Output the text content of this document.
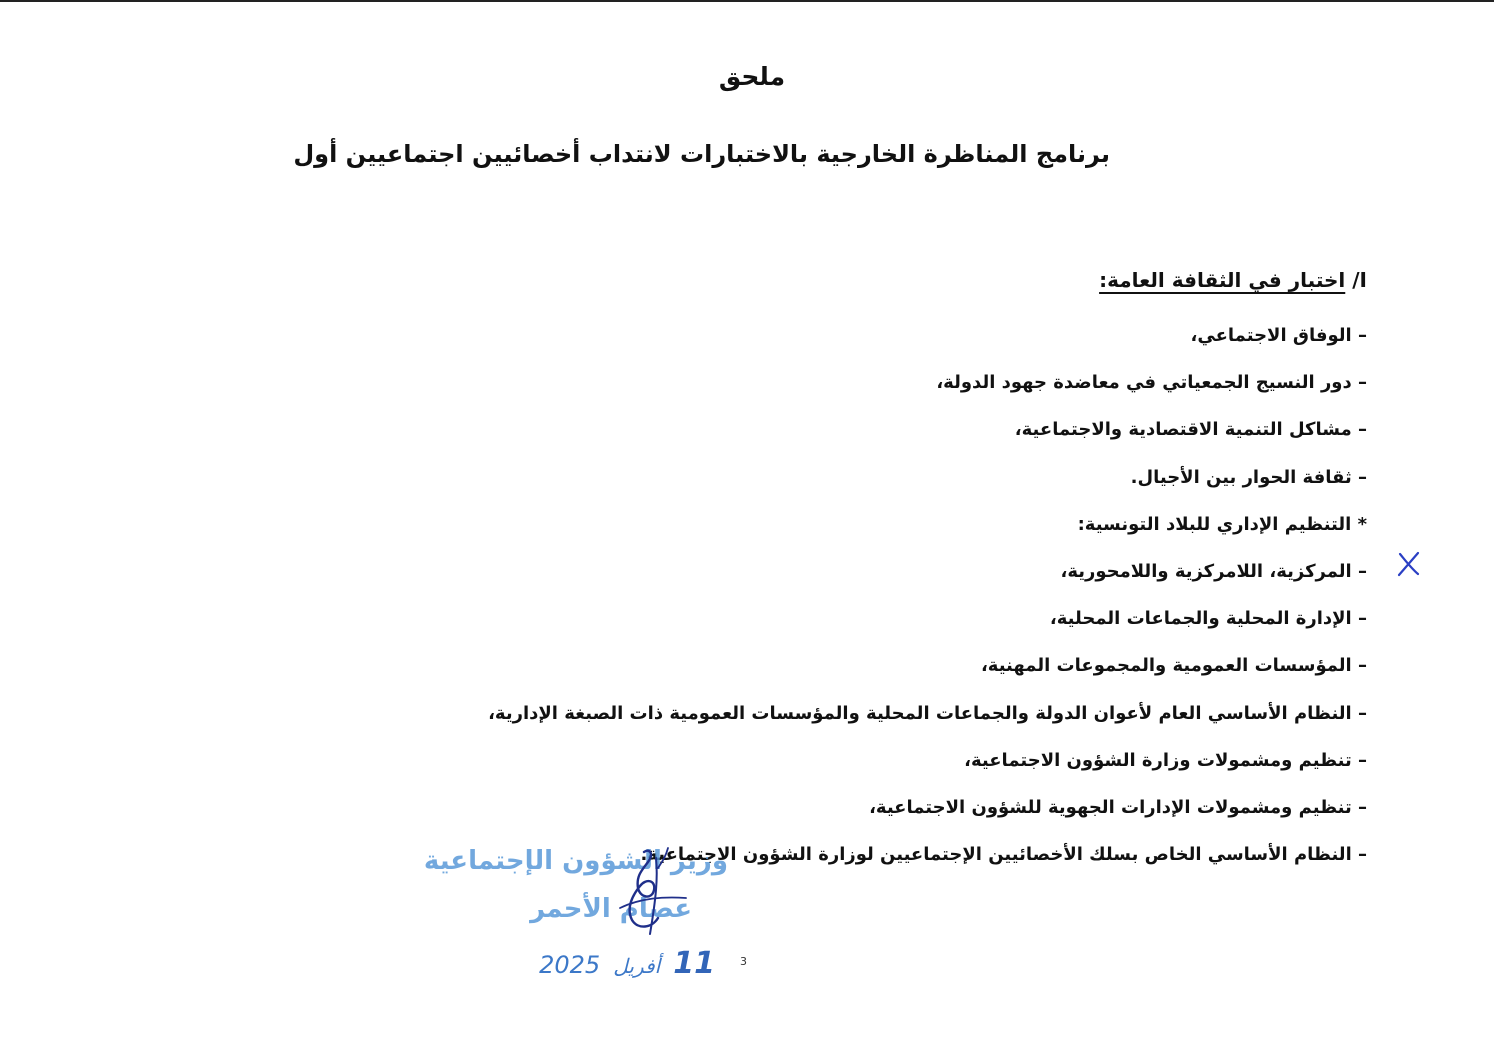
ملحق
برنامج المناظرة الخارجية بالاختبارات لانتداب أخصائيين اجتماعيين أول
I/ اختبار في الثقافة العامة:
– الوفاق الاجتماعي،
– دور النسيج الجمعياتي في معاضدة جهود الدولة،
– مشاكل التنمية الاقتصادية والاجتماعية،
– ثقافة الحوار بين الأجيال.
* التنظيم الإداري للبلاد التونسية:
– المركزية، اللامركزية واللامحورية،
– الإدارة المحلية والجماعات المحلية،
– المؤسسات العمومية والمجموعات المهنية،
– النظام الأساسي العام لأعوان الدولة والجماعات المحلية والمؤسسات العمومية ذات الصبغة الإدارية،
– تنظيم ومشمولات وزارة الشؤون الاجتماعية،
– تنظيم ومشمولات الإدارات الجهوية للشؤون الاجتماعية،
– النظام الأساسي الخاص بسلك الأخصائيين الإجتماعيين لوزارة الشؤون الاجتماعية.
وزير الشؤون الإجتماعية
عصام الأحمر
11 أفريل 2025	3
